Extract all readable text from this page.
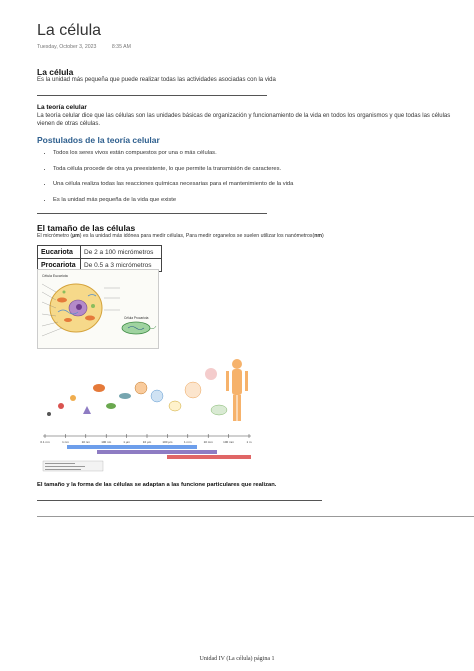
La célula
Tuesday, October 3, 2023	8:35 AM
La célula
Es la unidad más pequeña que puede realizar todas las actividades asociadas con la vida
La teoría celular
La teoría celular dice que las células son las unidades básicas de organización y funcionamiento de la vida en todos los organismos y que todas las células vienen de otras células.
Postulados de la teoría celular
• Todos los seres vivos están compuestos por una o más células.
• Toda célula procede de otra ya preexistente, lo que permite la transmisión de caracteres.
• Una célula realiza todas las reacciones químicas necesarias para el mantenimiento de la vida
• Es la unidad más pequeña de la vida que existe
El tamaño de las células
El micrómetro (µm) es la unidad más idónea para medir células, Para medir organelos se suelen utilizar los nanómetros(nm)
Eucariota	De 2 a 100 micrómetros
Procariota	De 0.5 a 3 micrómetros
Célula Eucariota
Célula Procariota
0.1 nm	1 nm	10 nm	100 nm	1 µm	10 µm	100 µm	1 mm	10 mm	100 mm	1 m
El tamaño y la forma de las células se adaptan a las funcione particulares que realizan.
Unidad IV (La célula) página 1
